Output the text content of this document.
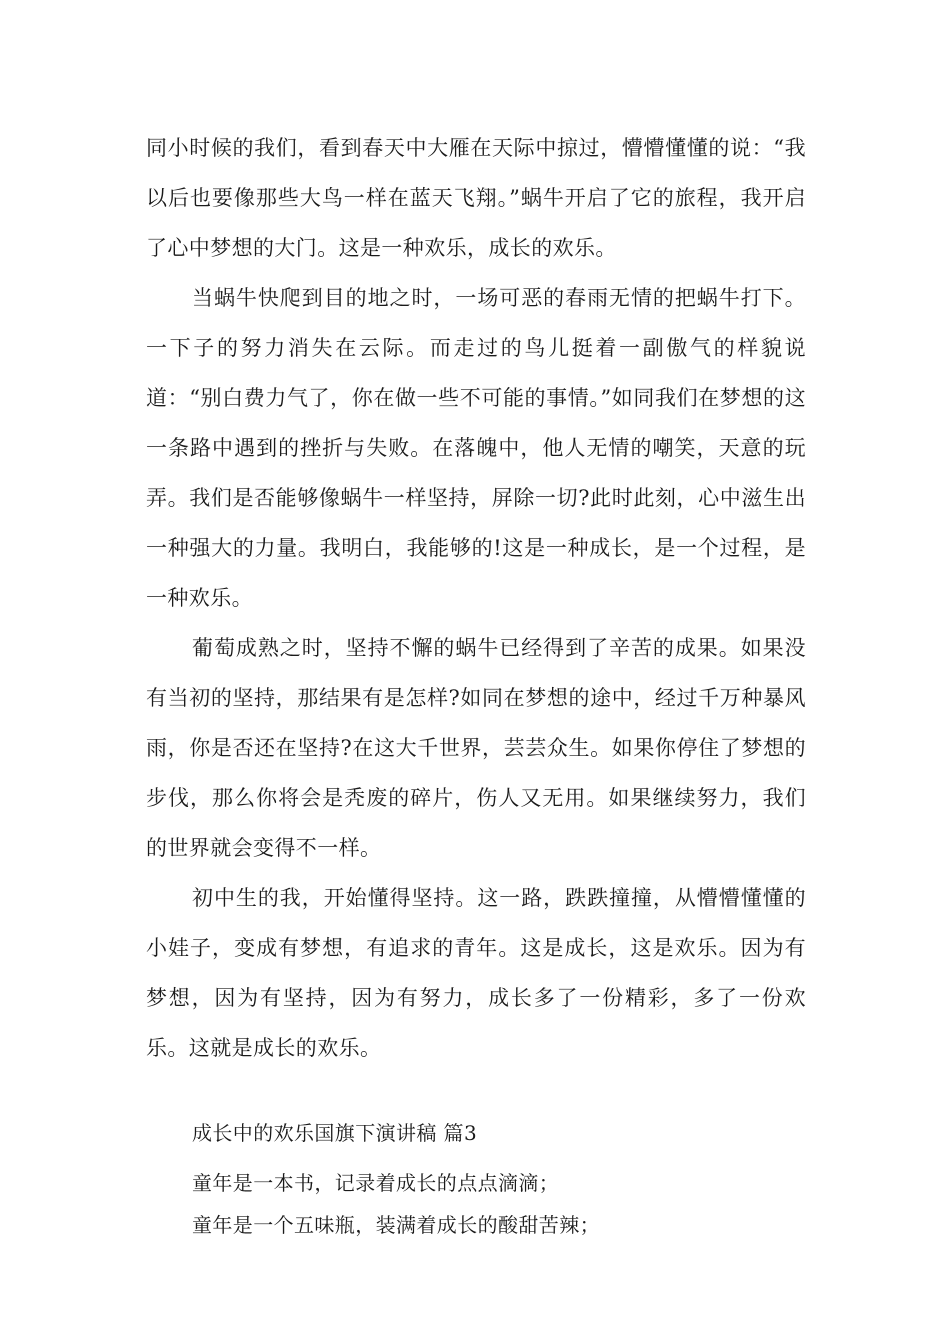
同小时候的我们，看到春天中大雁在天际中掠过，懵懵懂懂的说：“我以后也要像那些大鸟一样在蓝天飞翔。”蜗牛开启了它的旅程，我开启了心中梦想的大门。这是一种欢乐，成长的欢乐。

当蜗牛快爬到目的地之时，一场可恶的春雨无情的把蜗牛打下。一下子的努力消失在云际。而走过的鸟儿挺着一副傲气的样貌说道：“别白费力气了，你在做一些不可能的事情。”如同我们在梦想的这一条路中遇到的挫折与失败。在落魄中，他人无情的嘲笑，天意的玩弄。我们是否能够像蜗牛一样坚持，屏除一切?此时此刻，心中滋生出一种强大的力量。我明白，我能够的!这是一种成长，是一个过程，是一种欢乐。

葡萄成熟之时，坚持不懈的蜗牛已经得到了辛苦的成果。如果没有当初的坚持，那结果有是怎样?如同在梦想的途中，经过千万种暴风雨，你是否还在坚持?在这大千世界，芸芸众生。如果你停住了梦想的步伐，那么你将会是秃废的碎片，伤人又无用。如果继续努力，我们的世界就会变得不一样。

初中生的我，开始懂得坚持。这一路，跌跌撞撞，从懵懵懂懂的小娃子，变成有梦想，有追求的青年。这是成长，这是欢乐。因为有梦想，因为有坚持，因为有努力，成长多了一份精彩，多了一份欢乐。这就是成长的欢乐。

成长中的欢乐国旗下演讲稿 篇3

童年是一本书，记录着成长的点点滴滴；

童年是一个五味瓶，装满着成长的酸甜苦辣；
